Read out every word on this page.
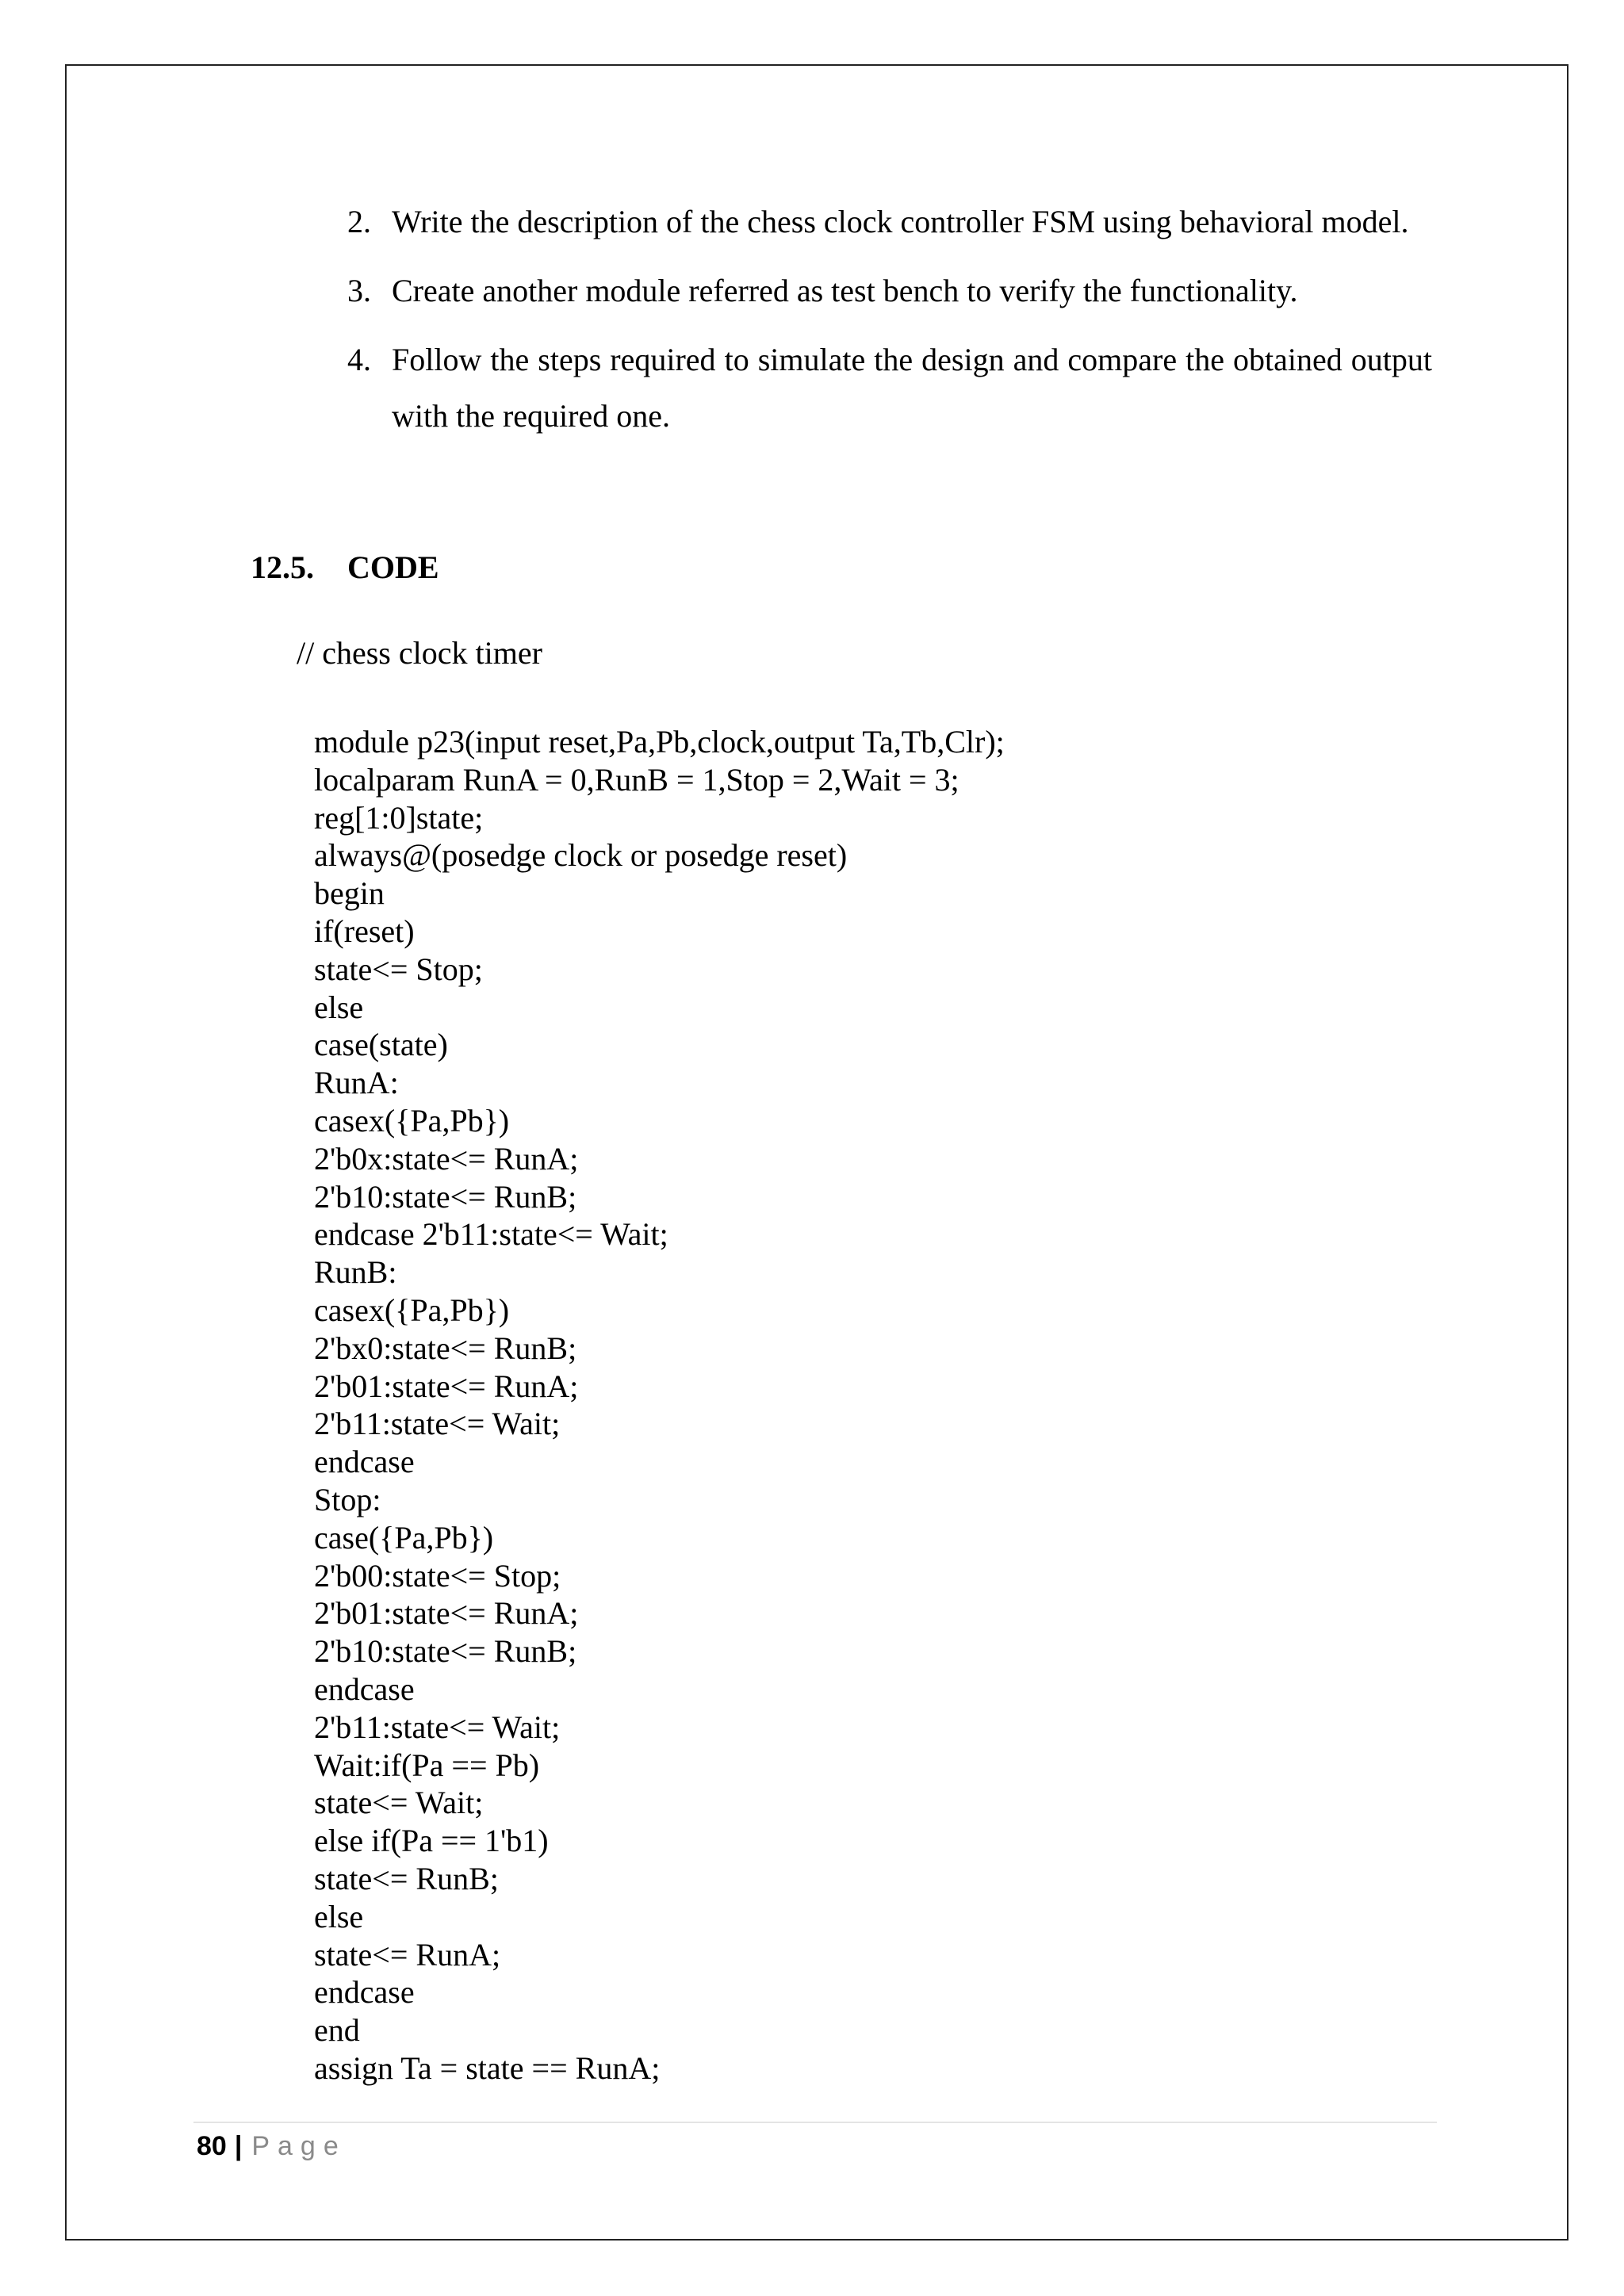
2. Write the description of the chess clock controller FSM using behavioral model.
3. Create another module referred as test bench to verify the functionality.
4. Follow the steps required to simulate the design and compare the obtained output with the required one.
12.5.	CODE

// chess clock timer

module p23(input reset,Pa,Pb,clock,output Ta,Tb,Clr);
localparam RunA = 0,RunB = 1,Stop = 2,Wait = 3;
reg[1:0]state;
always@(posedge clock or posedge reset)
begin
if(reset)
state<= Stop;
else
case(state)
RunA:
casex({Pa,Pb})
2'b0x:state<= RunA;
2'b10:state<= RunB;
endcase 2'b11:state<= Wait;
RunB:
casex({Pa,Pb})
2'bx0:state<= RunB;
2'b01:state<= RunA;
2'b11:state<= Wait;
endcase
Stop:
case({Pa,Pb})
2'b00:state<= Stop;
2'b01:state<= RunA;
2'b10:state<= RunB;
endcase
2'b11:state<= Wait;
Wait:if(Pa == Pb)
state<= Wait;
else if(Pa == 1'b1)
state<= RunB;
else
state<= RunA;
endcase
end
assign Ta = state == RunA;
80 | Page
